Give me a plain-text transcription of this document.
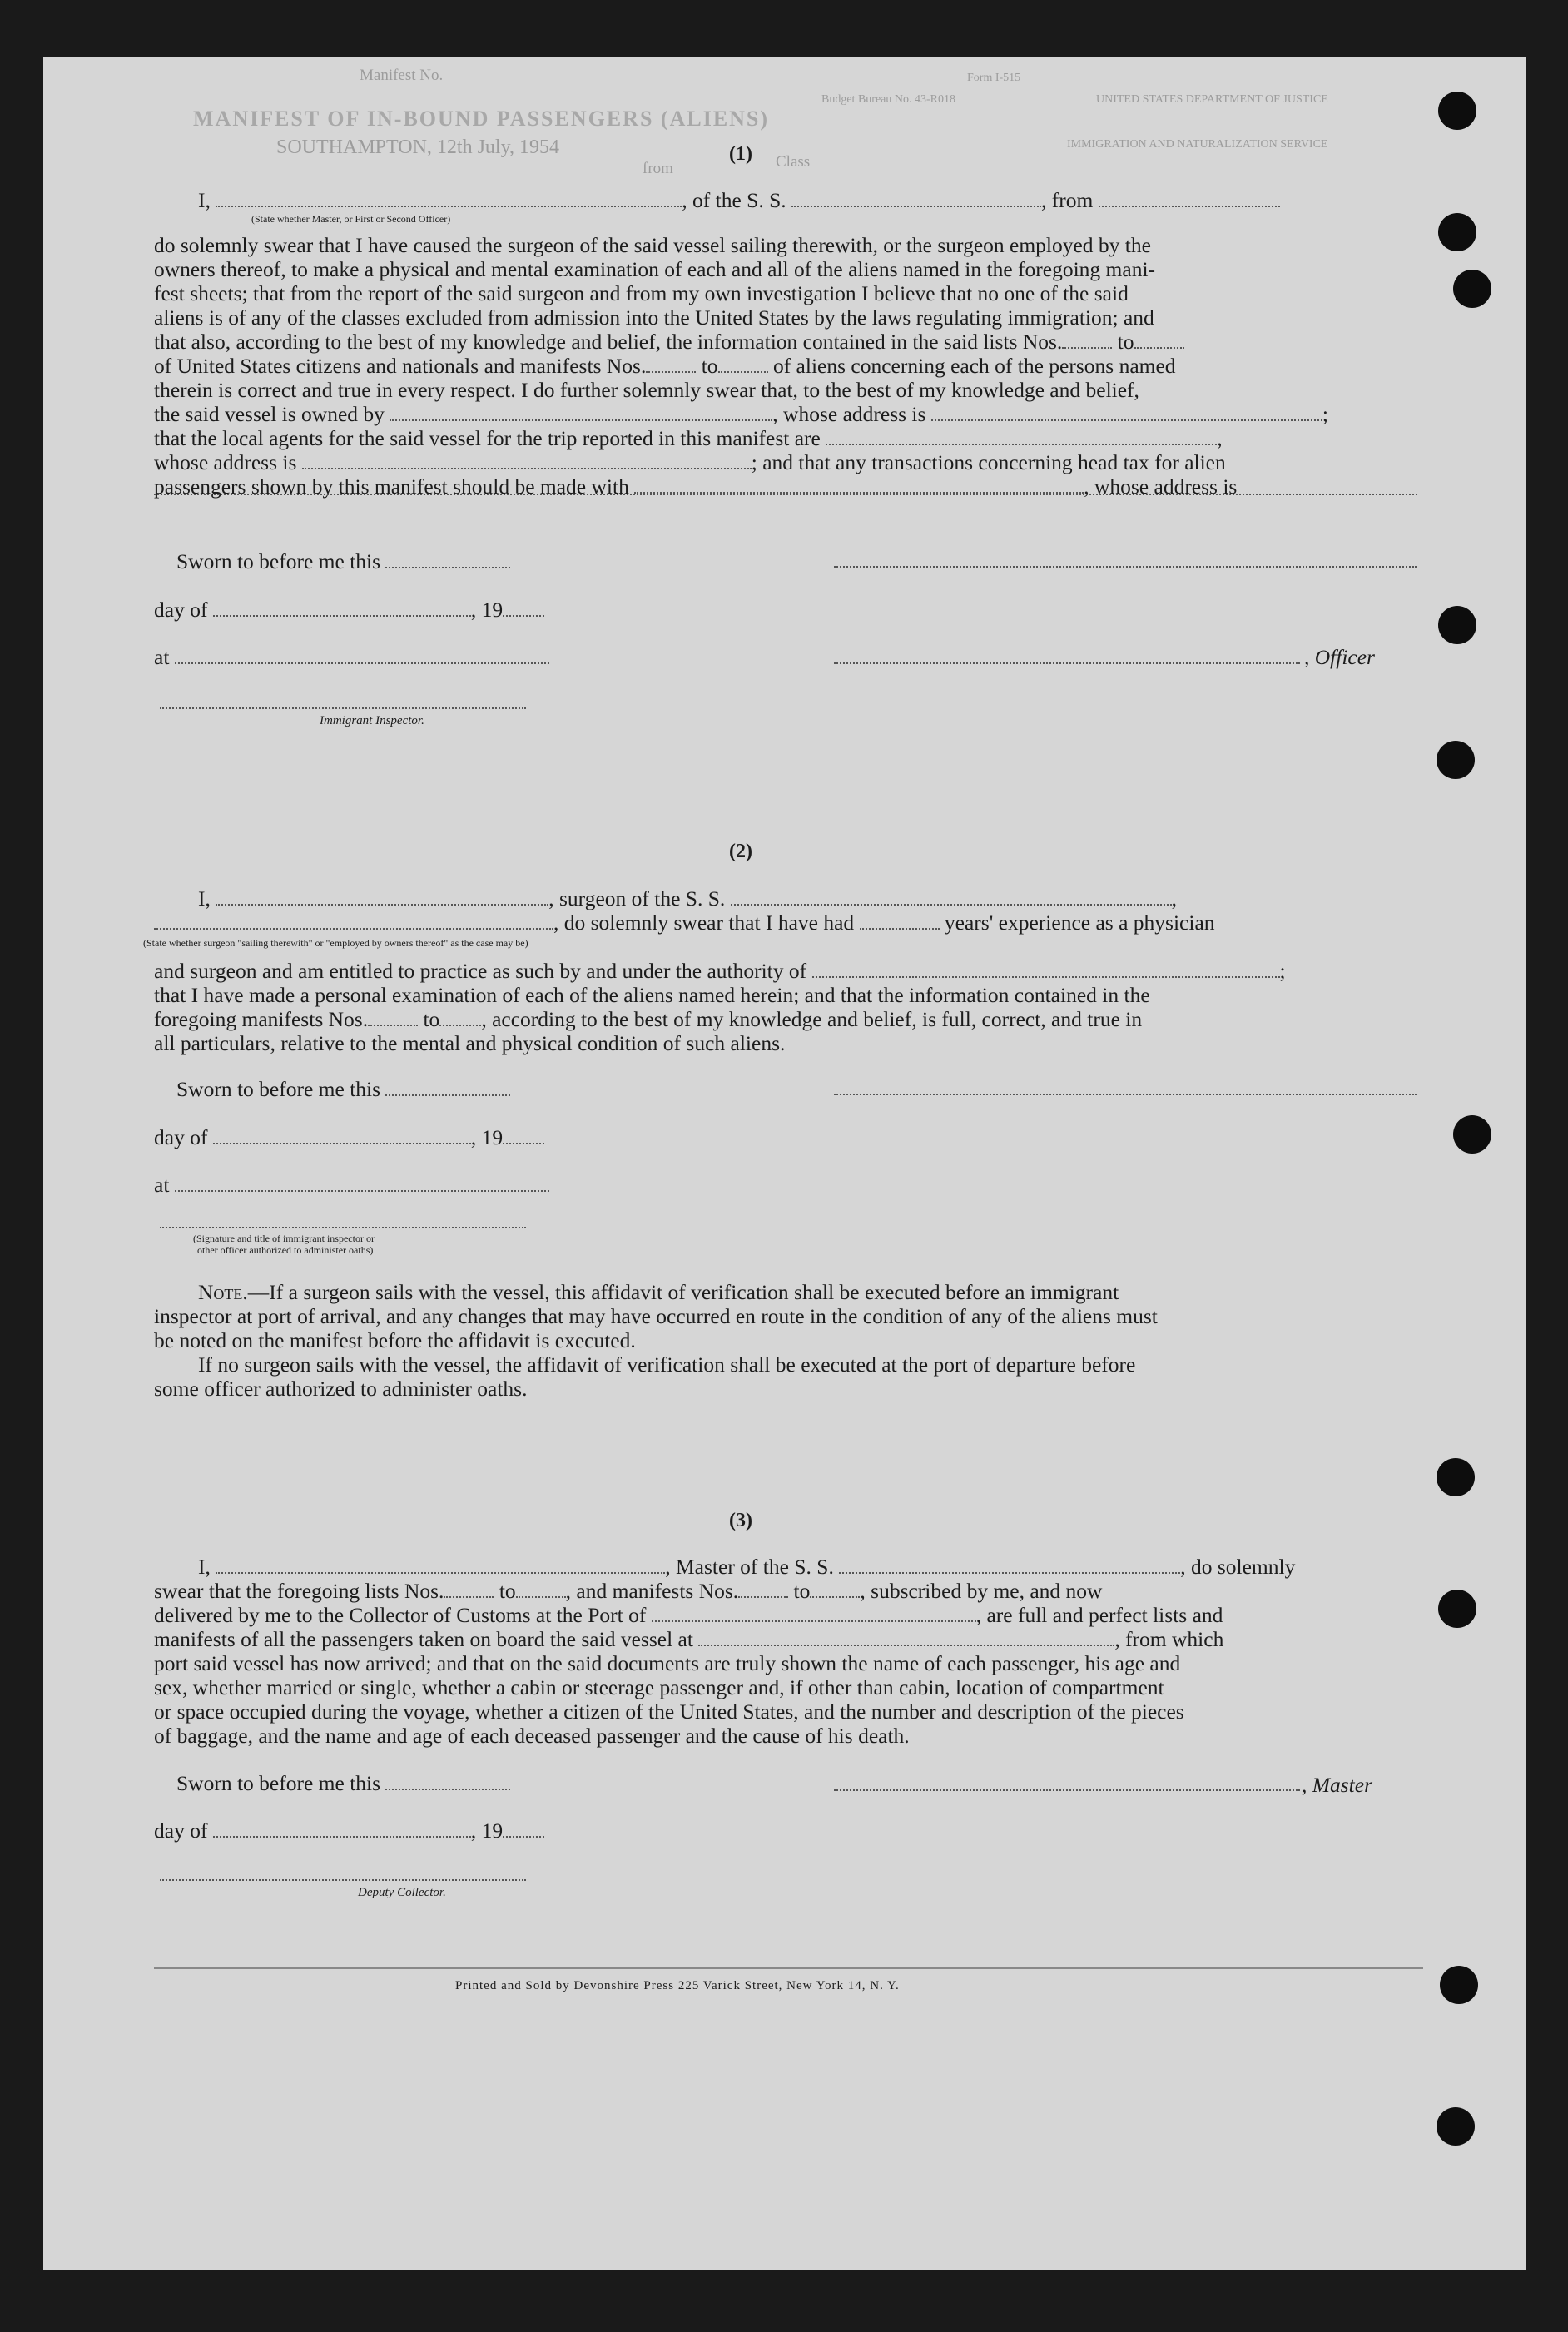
Manifest No.
MANIFEST OF IN-BOUND PASSENGERS (ALIENS)
SOUTHAMPTON, 12th July, 1954
from	Class
Form I-515
Budget Bureau No. 43-R018	UNITED STATES DEPARTMENT OF JUSTICE
IMMIGRATION AND NATURALIZATION SERVICE
(1)
I,	, of the S. S.	, from
(State whether Master, or First or Second Officer)
do solemnly swear that I have caused the surgeon of the said vessel sailing therewith, or the surgeon employed by the
owners thereof, to make a physical and mental examination of each and all of the aliens named in the foregoing mani-
fest sheets; that from the report of the said surgeon and from my own investigation I believe that no one of the said
aliens is of any of the classes excluded from admission into the United States by the laws regulating immigration; and
that also, according to the best of my knowledge and belief, the information contained in the said lists Nos.	to
of United States citizens and nationals and manifests Nos.	to	of aliens concerning each of the persons named
therein is correct and true in every respect. I do further solemnly swear that, to the best of my knowledge and belief,
the said vessel is owned by	, whose address is	;
that the local agents for the said vessel for the trip reported in this manifest are	,
whose address is	; and that any transactions concerning head tax for alien
passengers shown by this manifest should be made with	, whose address is
Sworn to before me this
day of	, 19
at	, Officer
Immigrant Inspector.
(2)
I,	, surgeon of the S. S.	,
, do solemnly swear that I have had	years' experience as a physician
(State whether surgeon "sailing therewith" or "employed by owners thereof" as the case may be)
and surgeon and am entitled to practice as such by and under the authority of	;
that I have made a personal examination of each of the aliens named herein; and that the information contained in the
foregoing manifests Nos.	to , according to the best of my knowledge and belief, is full, correct, and true in
all particulars, relative to the mental and physical condition of such aliens.
Sworn to before me this
day of	, 19
at
(Signature and title of immigrant inspector or
other officer authorized to administer oaths)
Note.—If a surgeon sails with the vessel, this affidavit of verification shall be executed before an immigrant
inspector at port of arrival, and any changes that may have occurred en route in the condition of any of the aliens must
be noted on the manifest before the affidavit is executed.
If no surgeon sails with the vessel, the affidavit of verification shall be executed at the port of departure before
some officer authorized to administer oaths.
(3)
I,	, Master of the S. S.	, do solemnly
swear that the foregoing lists Nos.	to , and manifests Nos.	to , subscribed by me, and now
delivered by me to the Collector of Customs at the Port of	, are full and perfect lists and
manifests of all the passengers taken on board the said vessel at	, from which
port said vessel has now arrived; and that on the said documents are truly shown the name of each passenger, his age and
sex, whether married or single, whether a cabin or steerage passenger and, if other than cabin, location of compartment
or space occupied during the voyage, whether a citizen of the United States, and the number and description of the pieces
of baggage, and the name and age of each deceased passenger and the cause of his death.
Sworn to before me this	, Master
day of	, 19
Deputy Collector.
Printed and Sold by Devonshire Press 225 Varick Street, New York 14, N. Y.
